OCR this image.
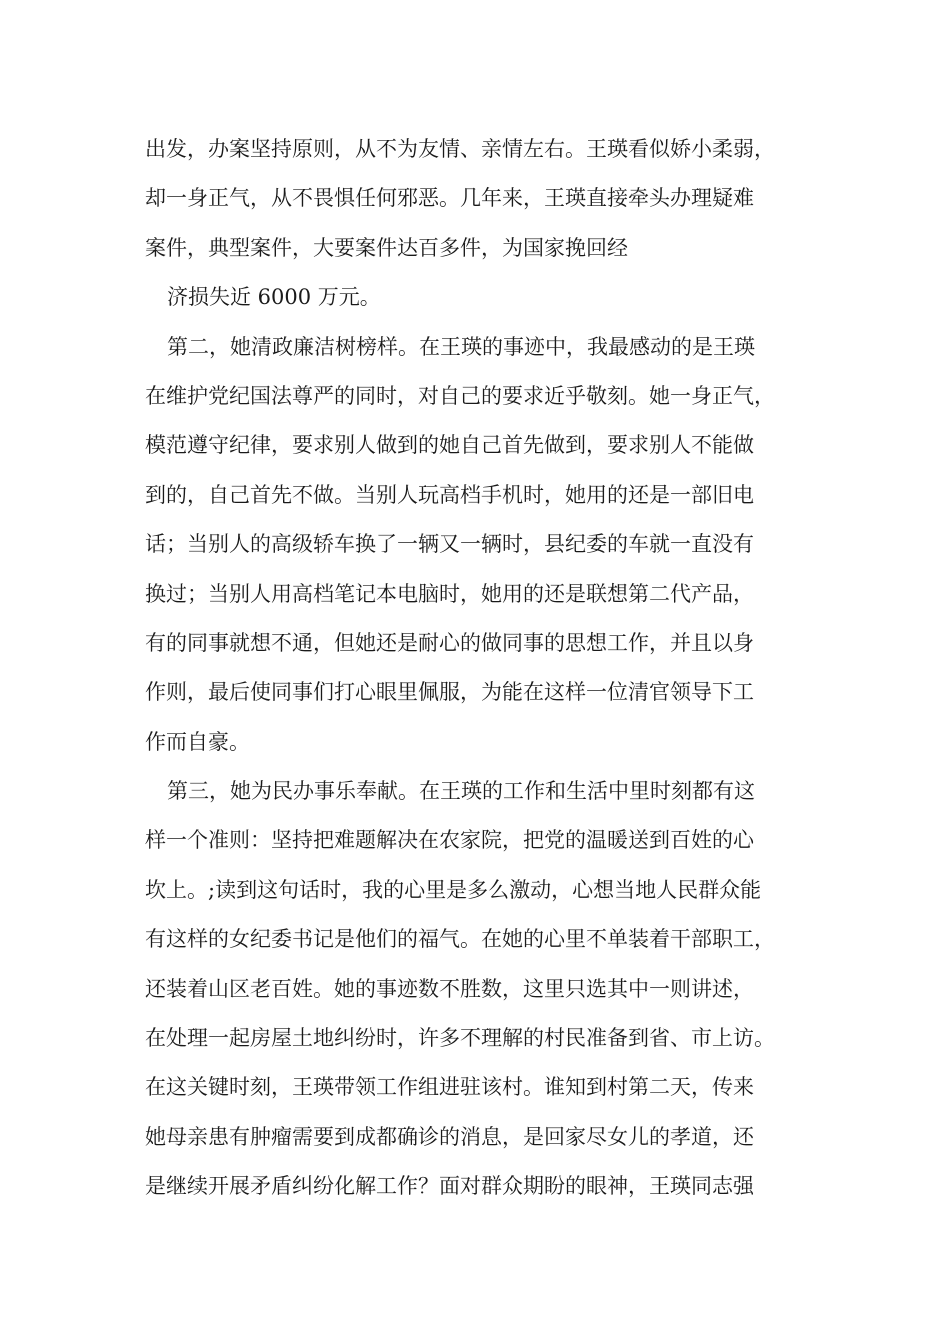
出发，办案坚持原则，从不为友情、亲情左右。王瑛看似娇小柔弱，
却一身正气，从不畏惧任何邪恶。几年来，王瑛直接牵头办理疑难
案件，典型案件，大要案件达百多件，为国家挽回经
济损失近 6000 万元。
第二，她清政廉洁树榜样。在王瑛的事迹中，我最感动的是王瑛
在维护党纪国法尊严的同时，对自己的要求近乎敬刻。她一身正气，
模范遵守纪律，要求别人做到的她自己首先做到，要求别人不能做
到的，自己首先不做。当别人玩高档手机时，她用的还是一部旧电
话；当别人的高级轿车换了一辆又一辆时，县纪委的车就一直没有
换过；当别人用高档笔记本电脑时，她用的还是联想第二代产品，
有的同事就想不通，但她还是耐心的做同事的思想工作，并且以身
作则，最后使同事们打心眼里佩服，为能在这样一位清官领导下工
作而自豪。
第三，她为民办事乐奉献。在王瑛的工作和生活中里时刻都有这
样一个准则：坚持把难题解决在农家院，把党的温暖送到百姓的心
坎上。;读到这句话时，我的心里是多么激动，心想当地人民群众能
有这样的女纪委书记是他们的福气。在她的心里不单装着干部职工，
还装着山区老百姓。她的事迹数不胜数，这里只选其中一则讲述，
在处理一起房屋土地纠纷时，许多不理解的村民准备到省、市上访。
在这关键时刻，王瑛带领工作组进驻该村。谁知到村第二天，传来
她母亲患有肿瘤需要到成都确诊的消息，是回家尽女儿的孝道，还
是继续开展矛盾纠纷化解工作？面对群众期盼的眼神，王瑛同志强
